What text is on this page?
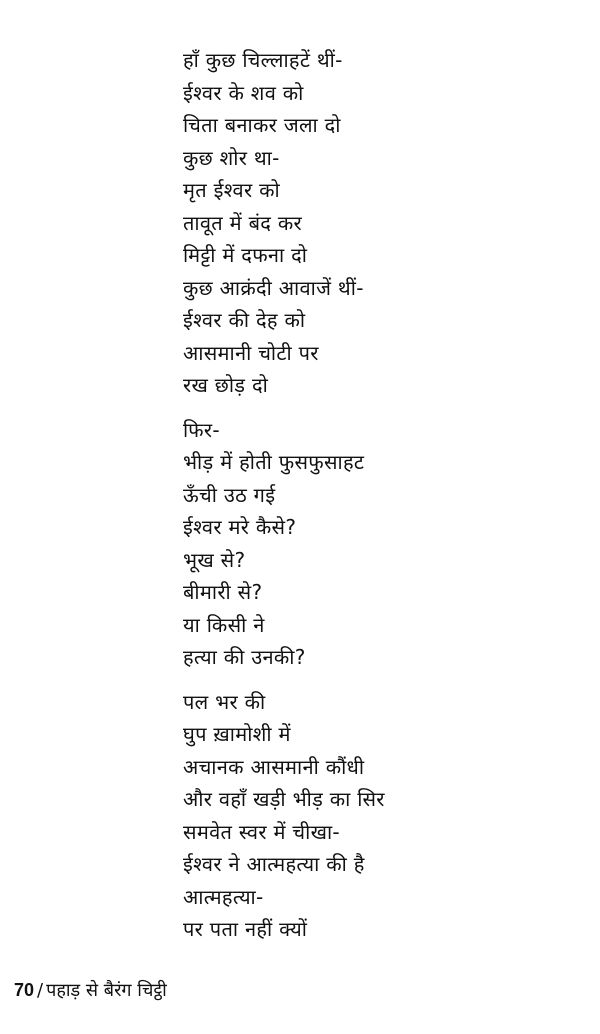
हाँ कुछ चिल्लाहटें थीं-
ईश्वर के शव को
चिता बनाकर जला दो
कुछ शोर था-
मृत ईश्वर को
तावूत में बंद कर
मिट्टी में दफना दो
कुछ आक्रंदी आवाजें थीं-
ईश्वर की देह को
आसमानी चोटी पर
रख छोड़ दो
फिर-
भीड़ में होती फुसफुसाहट
ऊँची उठ गई
ईश्वर मरे कैसे?
भूख से?
बीमारी से?
या किसी ने
हत्या की उनकी?
पल भर की
घुप ख़ामोशी में
अचानक आसमानी कौंधी
और वहाँ खड़ी भीड़ का सिर
समवेत स्वर में चीखा-
ईश्वर ने आत्महत्या की है
आत्महत्या-
पर पता नहीं क्यों
70 / पहाड़ से बैरंग चिट्ठी
